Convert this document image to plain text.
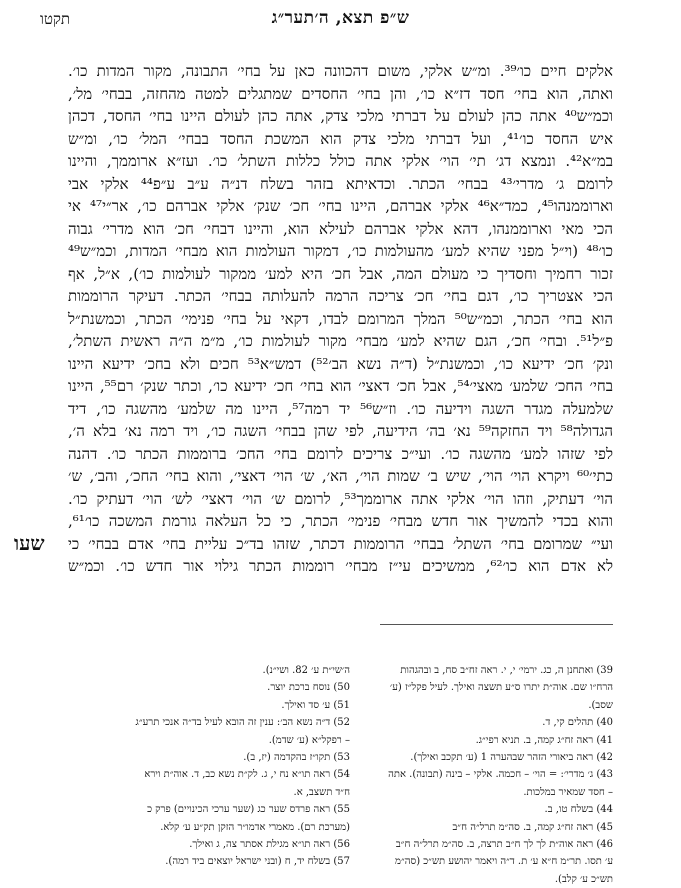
ש״פ תצא, ה׳תער״ג
תקטו
שעו
אלקים חיים כו׳³⁹. ומ״ש אלקי, משום דהכוונה כאן על בחי׳ התבונה, מקור המדות כו׳.
ואתה, הוא בחי׳ חסד דז״א כו׳, והן בחי׳ החסדים שמתגלים למטה מהחזה, בבחי׳ מל׳,
וכמ״ש⁴⁰ אתה כהן לעולם על דברתי מלכי צדק, אתה כהן לעולם היינו בחי׳ החסד, דכהן
איש החסד כו׳⁴¹, ועל דברתי מלכי צדק הוא המשכת החסד בבחי׳ המל׳ כו׳, ומ״ש
במ״א⁴². ונמצא דג׳ תי׳ הוי׳ אלקי אתה כולל כללות השתל׳ כו׳. ועז״א ארוממך, והיינו
לרומם ג׳ מדרי׳⁴³ בבחי׳ הכתר. וכדאיתא בזהר בשלח דנ״ה ע״ב ע״פ⁴⁴ אלקי אבי
וארוממנהו⁴⁵, כמד״א⁴⁶ אלקי אברהם, היינו בחי׳ חכ׳ שנק׳ אלקי אברהם כו׳, אר״י⁴⁷ אי
הכי מאי וארוממנהו, דהא אלקי אברהם לעילא הוא, והיינו דבחי׳ חכ׳ הוא מדרי׳ גבוה
כו׳⁴⁸ (וי״ל מפני שהיא למע׳ מהעולמות כו׳, דמקור העולמות הוא מבחי׳ המדות, וכמ״ש⁴⁹
זכור רחמיך וחסדיך כי מעולם המה, אבל חכ׳ היא למע׳ ממקור לעולמות כו׳), א״ל, אף
הכי אצטריך כו׳, דגם בחי׳ חכ׳ צריכה הרמה להעלותה בבחי׳ הכתר. דעיקר הרוממות
הוא בחי׳ הכתר, וכמ״ש⁵⁰ המלך המרומם לבדו, דקאי על בחי׳ פנימי׳ הכתר, וכמשנת״ל
פ״ל⁵¹. ובחי׳ חכ׳, הגם שהיא למע׳ מבחי׳ מקור לעולמות כו׳, מ״מ ה״ה ראשית השתל׳,
ונק׳ חכ׳ ידיעא כו׳, וכמשנת״ל (ד״ה נשא הב׳⁵²) דמש״א⁵³ חכים ולא בחכ׳ ידיעא היינו
בחי׳ החכ׳ שלמע׳ מאצי׳⁵⁴, אבל חכ׳ דאצי׳ הוא בחי׳ חכ׳ ידיעא כו׳, וכתר שנק׳ רם⁵⁵, היינו
שלמעלה מגדר השגה וידיעה כו׳. וז״ש⁵⁶ יד רמה⁵⁷, היינו מה שלמע׳ מהשגה כו׳, דיד
הגדולה⁵⁸ ויד החזקה⁵⁹ נא׳ בה׳ הידיעה, לפי שהן בבחי׳ השגה כו׳, ויד רמה נא׳ בלא ה׳,
לפי שזהו למע׳ מהשגה כו׳. ועי״כ צריכים לרומם בחי׳ החכ׳ ברוממות הכתר כו׳. דהנה
כתי׳⁶⁰ ויקרא הוי׳ הוי׳, שיש ב׳ שמות הוי׳, הא׳, ש׳ הוי׳ דאצי׳, והוא בחי׳ החכ׳, והב׳, ש׳
הוי׳ דעתיק, וזהו הוי׳ אלקי אתה ארוממך⁵³, לרומם ש׳ הוי׳ דאצי׳ לש׳ הוי׳ דעתיק כו׳.
והוא בכדי להמשיך אור חדש מבחי׳ פנימי׳ הכתר, כי כל העלאה גורמת המשכה כו׳⁶¹,
ועי״ שמרומם בחי׳ השתל׳ בבחי׳ הרוממות דכתר, שזהו בד״כ עליית בחי׳ אדם בבחי׳ כי
לא אדם הוא כו׳⁶², ממשיכים עי״ז מבחי׳ רוממות הכתר גילוי אור חדש כו׳. וכמ״ש
39) ואתחנן ה, כג. ירמי׳ י, י. ראה זח״ב סח, ב ובהגהות
הרח״ו שם. אוה״ת יתרו ס״ע תשצה ואילך. לעיל פקל״ז (ע׳
שסב).
40) תהלים קי, ד.
41) ראה זח״ג קמה, ב. תניא רפי״ג.
42) ראה ביאורי הזהר שבהערה 1 (ע׳ תקכב ואילך).
43) ג׳ מדרי׳: = הוי׳ – חכמה. אלקי – בינה (תבונה). אתה
– חסד שמאיר במלכות.
44) בשלח טו, ב.
45) ראה זח״ג קמה, ב. סה״מ תרל״ה ח״ב
46) ראה אוה״ת לך לך ח״ב תרצה, ב. סה״מ תרל״ה ח״ב
ע׳ תסו. תר״מ ח״א ע׳ ת. ד״ה ויאמר יהושע תש״כ (סה״מ
תש״כ ע׳ קלב).
ה׳שי״ת ע׳ 82. ושי״נ).
50) נוסח ברכת יוצר.
51) ע׳ סד ואילך.
52) ד״ה נשא הב׳: ענין זה הובא לעיל בד״ה אנכי תרע״ג
– רפקל״א (ע׳ שדמ).
53) תקו״ז בהקדמה (יז, ב).
54) ראה תו״א נח י, ג. לק״ת נשא כב, ד. אוה״ת וירא
ח״ד תשצב, א.
55) ראה פרדס שער כג (שער ערכי הכינויים) פרק כ
(מערכת רם). מאמרי אדמו״ר הזקן תק״ע ע׳ קלא.
56) ראה תו״א מגילת אסתר צה, ג ואילך.
57) בשלח יד, ח (ובני ישראל יוצאים ביד רמה).
